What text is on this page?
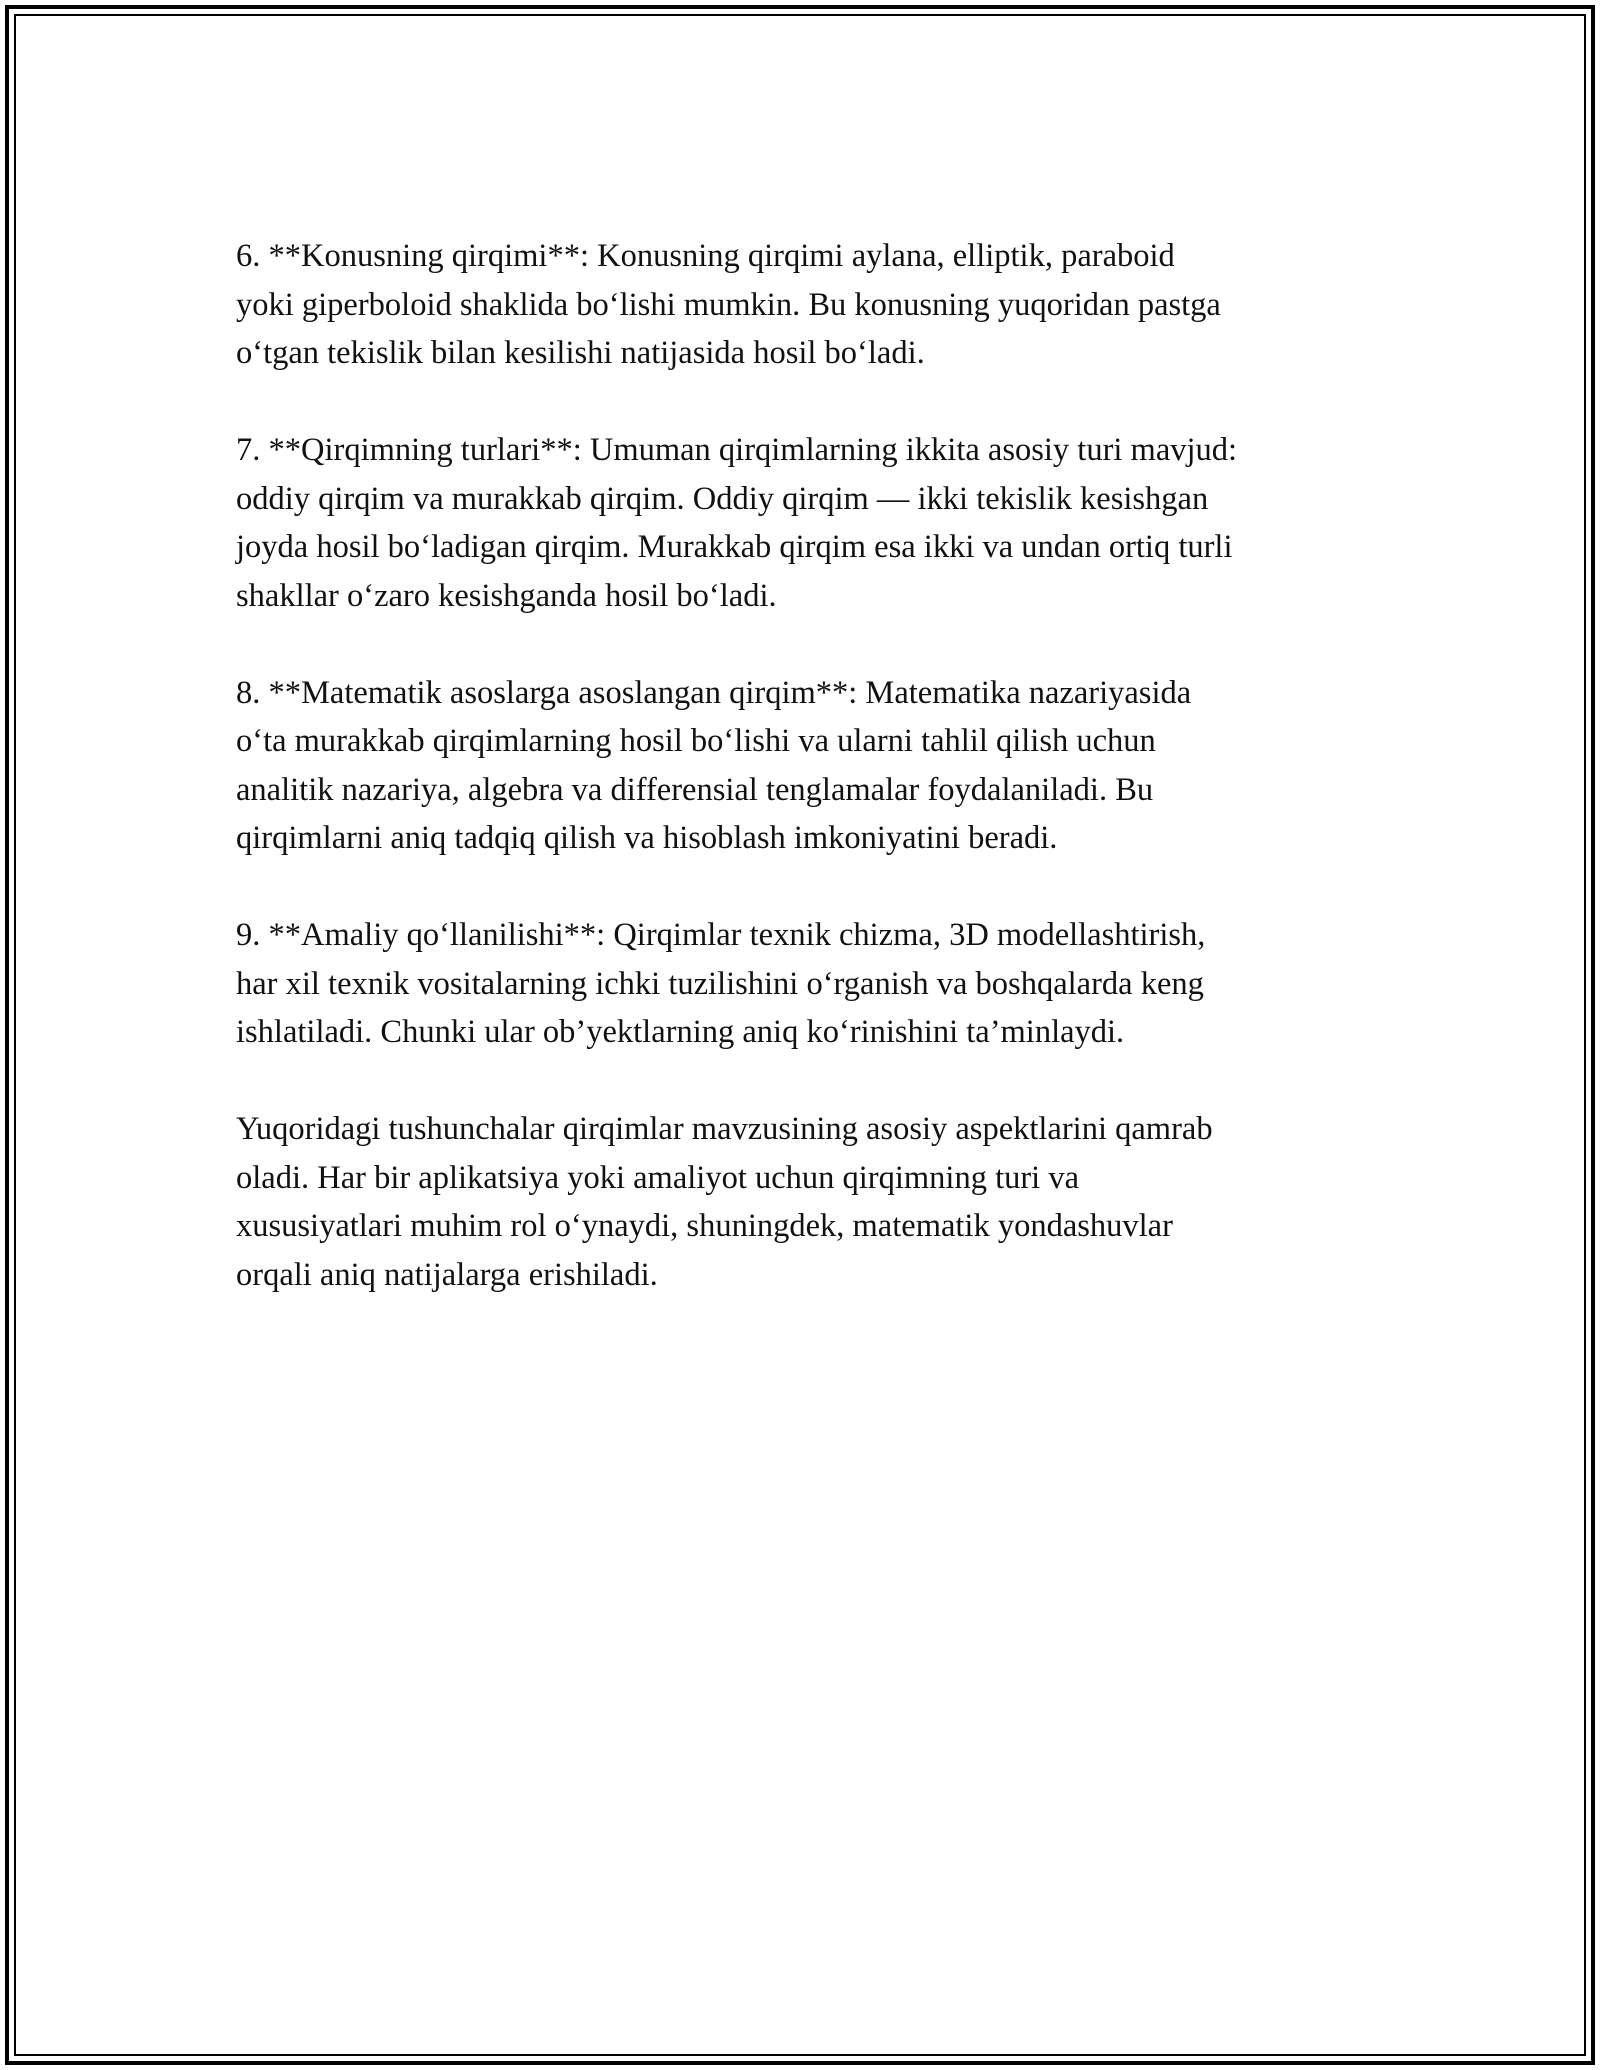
6. **Konusning qirqimi**: Konusning qirqimi aylana, elliptik, paraboid
yoki giperboloid shaklida bo‘lishi mumkin. Bu konusning yuqoridan pastga
o‘tgan tekislik bilan kesilishi natijasida hosil bo‘ladi.

7. **Qirqimning turlari**: Umuman qirqimlarning ikkita asosiy turi mavjud:
oddiy qirqim va murakkab qirqim. Oddiy qirqim — ikki tekislik kesishgan
joyda hosil bo‘ladigan qirqim. Murakkab qirqim esa ikki va undan ortiq turli
shakllar o‘zaro kesishganda hosil bo‘ladi.

8. **Matematik asoslarga asoslangan qirqim**: Matematika nazariyasida
o‘ta murakkab qirqimlarning hosil bo‘lishi va ularni tahlil qilish uchun
analitik nazariya, algebra va differensial tenglamalar foydalaniladi. Bu
qirqimlarni aniq tadqiq qilish va hisoblash imkoniyatini beradi.

9. **Amaliy qo‘llanilishi**: Qirqimlar texnik chizma, 3D modellashtirish,
har xil texnik vositalarning ichki tuzilishini o‘rganish va boshqalarda keng
ishlatiladi. Chunki ular ob’yektlarning aniq ko‘rinishini ta’minlaydi.

Yuqoridagi tushunchalar qirqimlar mavzusining asosiy aspektlarini qamrab
oladi. Har bir aplikatsiya yoki amaliyot uchun qirqimning turi va
xususiyatlari muhim rol o‘ynaydi, shuningdek, matematik yondashuvlar
orqali aniq natijalarga erishiladi.
